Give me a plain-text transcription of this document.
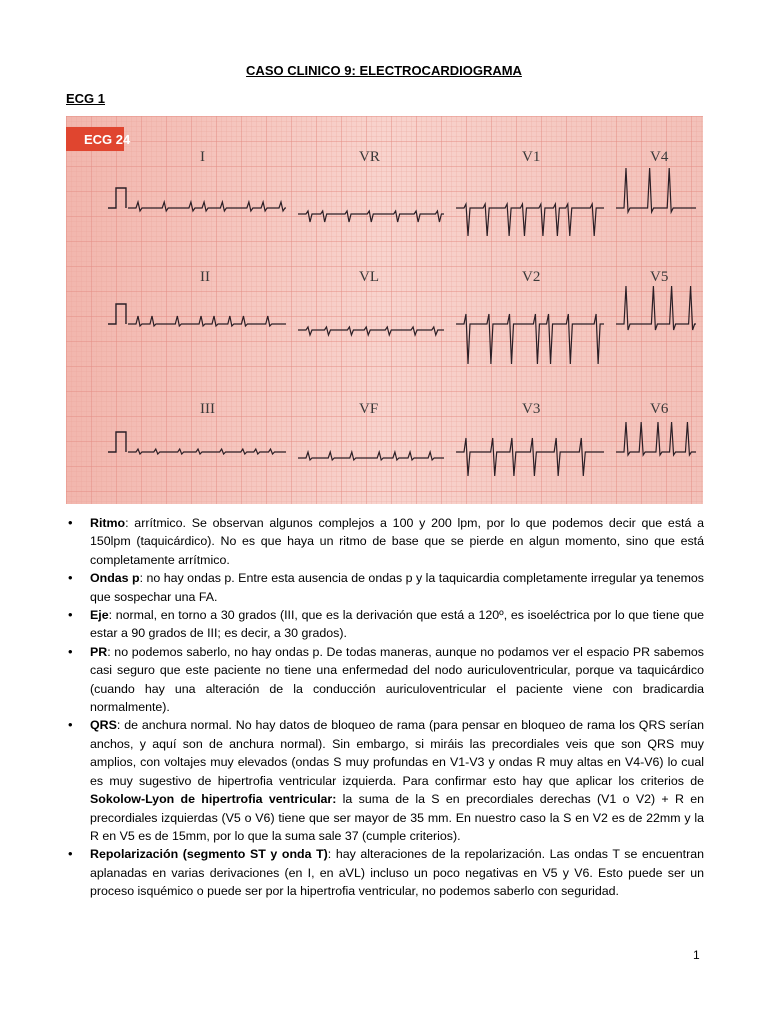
CASO CLINICO 9: ELECTROCARDIOGRAMA
ECG 1
ECG 24
I	VR	V1	V4
II	VL	V2	V5
III	VF	V3	V6
• Ritmo: arrítmico. Se observan algunos complejos a 100 y 200 lpm, por lo que podemos decir que está a 150lpm (taquicárdico). No es que haya un ritmo de base que se pierde en algun momento, sino que está completamente arrítmico.
• Ondas p: no hay ondas p. Entre esta ausencia de ondas p y la taquicardia completamente irregular ya tenemos que sospechar una FA.
• Eje: normal, en torno a 30 grados (III, que es la derivación que está a 120º, es isoeléctrica por lo que tiene que estar a 90 grados de III; es decir, a 30 grados).
• PR: no podemos saberlo, no hay ondas p. De todas maneras, aunque no podamos ver el espacio PR sabemos casi seguro que este paciente no tiene una enfermedad del nodo auriculoventricular, porque va taquicárdico (cuando hay una alteración de la conducción auriculoventricular el paciente viene con bradicardia normalmente).
• QRS: de anchura normal. No hay datos de bloqueo de rama (para pensar en bloqueo de rama los QRS serían anchos, y aquí son de anchura normal). Sin embargo, si miráis las precordiales veis que son QRS muy amplios, con voltajes muy elevados (ondas S muy profundas en V1-V3 y ondas R muy altas en V4-V6) lo cual es muy sugestivo de hipertrofia ventricular izquierda. Para confirmar esto hay que aplicar los criterios de Sokolow-Lyon de hipertrofia ventricular: la suma de la S en precordiales derechas (V1 o V2) + R en precordiales izquierdas (V5 o V6) tiene que ser mayor de 35 mm. En nuestro caso la S en V2 es de 22mm y la R en V5 es de 15mm, por lo que la suma sale 37 (cumple criterios).
• Repolarización (segmento ST y onda T): hay alteraciones de la repolarización. Las ondas T se encuentran aplanadas en varias derivaciones (en I, en aVL) incluso un poco negativas en V5 y V6. Esto puede ser un proceso isquémico o puede ser por la hipertrofia ventricular, no podemos saberlo con seguridad.
1
